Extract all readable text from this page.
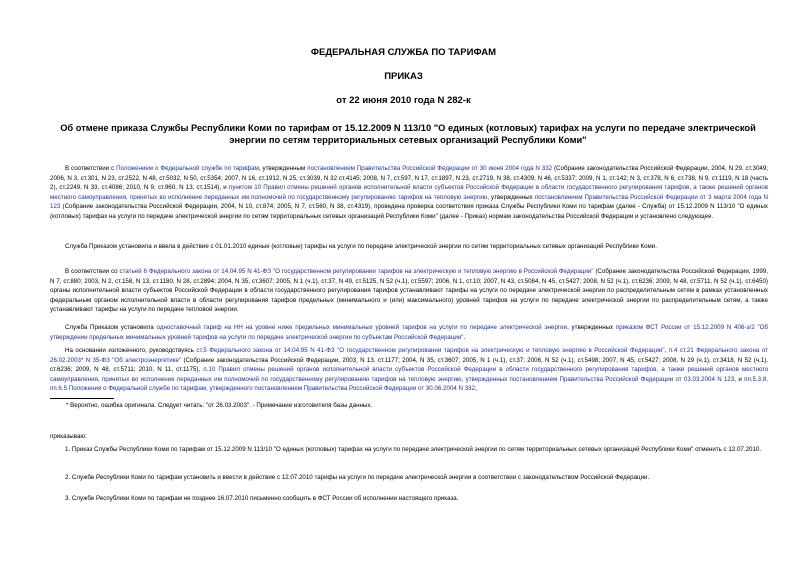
ФЕДЕРАЛЬНАЯ СЛУЖБА ПО ТАРИФАМ
ПРИКАЗ
от 22 июня 2010 года N 282-к
Об отмене приказа Службы Республики Коми по тарифам от 15.12.2009 N 113/10 "О единых (котловых) тарифах на услуги по передаче электрической энергии по сетям территориальных сетевых организаций Республики Коми"
В соответствии с Положением о Федеральной службе по тарифам, утвержденным постановлением Правительства Российской Федерации от 30 июня 2004 года N 332 (Собрание законодательства Российской Федерации, 2004, N 29, ст.3049; 2006, N 3, ст.301, N 23, ст.2522, N 48, ст.5032, N 50, ст.5354; 2007, N 16, ст.1912, N 25, ст.3039, N 32 ст.4145; 2008, N 7, ст.597, N 17, ст.1897, N 23, ст.2719, N 38, ст.4309, N 46, ст.5337; 2009, N 1, ст.142; N 3, ст.378, N 6, ст.738, N 9, ст.1119, N 18 (часть 2), ст.2249, N 33, ст.4086; 2010, N 9, ст.960, N 13, ст.1514), и пунктом 10 Правил отмены решений органов исполнительной власти субъектов Российской Федерации в области государственного регулирования тарифов, а также решений органов местного самоуправления, принятых во исполнение переданных им полномочий по государственному регулированию тарифов на тепловую энергию, утвержденных постановлением Правительства Российской Федерации от 3 марта 2004 года N 123 (Собрание законодательства Российской Федерации, 2004, N 10, ст.874; 2005, N 7, ст.560, N 38, ст.4319), проведена проверка соответствия приказа Службы Республики Коми по тарифам (далее - Служба) от 15.12.2009 N 113/10 "О единых (котловых) тарифах на услуги по передаче электрической энергии по сетям территориальных сетевых организаций Республики Коми" (далее - Приказ) нормам законодательства Российской Федерации и установлено следующее.
Служба Приказом установила и ввела в действие с 01.01.2010 единые (котловые) тарифы на услуги по передаче электрической энергии по сетям территориальных сетевых организаций Республики Коми.
В соответствии со статьей 6 Федерального закона от 14.04.95 N 41-ФЗ "О государственном регулировании тарифов на электрическую и тепловую энергию в Российской Федерации" (Собрание законодательства Российской Федерации, 1999, N 7, ст.880; 2003, N 2, ст.158, N 13, ст.1180, N 28, ст.2894; 2004, N 35, ст.3607; 2005, N 1 (ч.1), ст.37, N 49, ст.5125, N 52 (ч.1), ст.5597; 2006, N 1, ст.10; 2007, N 43, ст.5084, N 45, ст.5427; 2008, N 52 (ч.1), ст.6236; 2009, N 48, ст.5711, N 52 (ч.1), ст.6450) органы исполнительной власти субъектов Российской Федерации в области государственного регулирования тарифов устанавливают тарифы на услуги по передаче электрической энергии по распределительным сетям в рамках установленных федеральным органом исполнительной власти в области регулирования тарифов предельных (минимального и (или) максимального) уровней тарифов на услуги по передаче электрической энергии по распределительным сетям, а также устанавливают тарифы на услуги по передаче тепловой энергии.
Служба Приказом установила одноставочный тариф на НН на уровне ниже предельных минимальных уровней тарифов на услуги по передаче электрической энергии, утвержденных приказом ФСТ России от 15.12.2009 N 406-э/2 "Об утверждении предельных минимальных уровней тарифов на услуги по передаче электрической энергии по субъектам Российской Федерации".
На основании изложенного, руководствуясь ст.5 Федерального закона от 14.04.95 N 41-ФЗ "О государственном регулировании тарифов на электрическую и тепловую энергию в Российской Федерации", п.4 ст.21 Федерального закона от 26.02.2003* N 35-ФЗ "Об электроэнергетике" (Собрание законодательства Российской Федерации, 2003, N 13, ст.1177; 2004, N 35, ст.3607; 2005, N 1 (ч.1), ст.37; 2006, N 52 (ч.1), ст.5498; 2007, N 45, ст.5427; 2008, N 29 (ч.1), ст.3418, N 52 (ч.1), ст.6236; 2009, N 48, ст.5711; 2010, N 11, ст.1175), п.10 Правил отмены решений органов исполнительной власти субъектов Российской Федерации в области государственного регулирования тарифов, а также решений органов местного самоуправления, принятых во исполнение переданных им полномочий по государственному регулированию тарифов на тепловую энергию, утвержденных постановлением Правительства Российской Федерации от 03.03.2004 N 123, и пп.5.3.8, пп.6.5 Положения о Федеральной службе по тарифам, утвержденного постановлением Правительства Российской Федерации от 30.06.2004 N 332,
* Вероятно, ошибка оригинала. Следует читать: "от 26.03.2003". - Примечание изготовителя базы данных.
приказываю:
1. Приказ Службы Республики Коми по тарифам от 15.12.2009 N 113/10 "О единых (котловых) тарифах на услуги по передаче электрической энергии по сетям территориальных сетевых организаций Республики Коми" отменить с 12.07.2010.
2. Службе Республики Коми по тарифам установить и ввести в действие с 12.07.2010 тарифы на услуги по передаче электрической энергии в соответствии с законодательством Российской Федерации.
3. Службе Республики Коми по тарифам не позднее 16.07.2010 письменно сообщить в ФСТ России об исполнении настоящего приказа.
